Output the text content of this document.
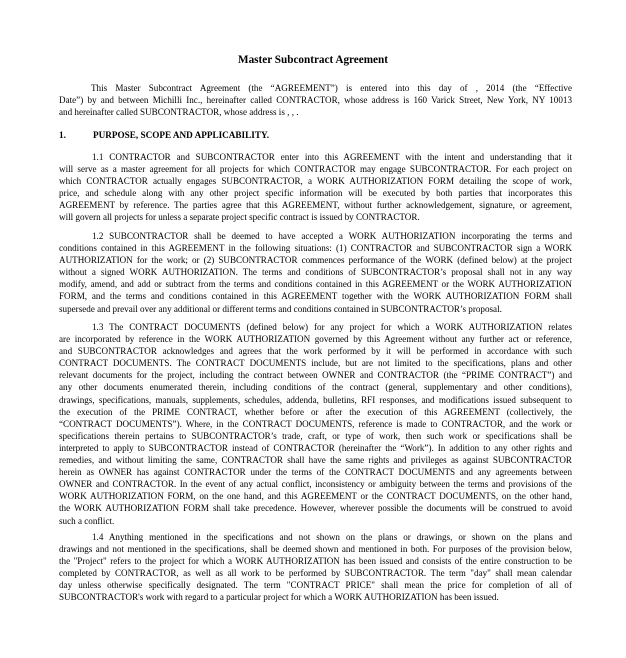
Master Subcontract Agreement
This Master Subcontract Agreement (the “AGREEMENT”) is entered into this day of , 2014 (the “Effective
Date”) by and between Michilli Inc., hereinafter called CONTRACTOR, whose address is 160 Varick Street, New York, NY 10013
and hereinafter called SUBCONTRACTOR, whose address is , , .
1.	PURPOSE, SCOPE AND APPLICABILITY.
1.1 CONTRACTOR and SUBCONTRACTOR enter into this AGREEMENT with the intent and understanding that it
will serve as a master agreement for all projects for which CONTRACTOR may engage SUBCONTRACTOR. For each project on
which CONTRACTOR actually engages SUBCONTRACTOR, a WORK AUTHORIZATION FORM detailing the scope of work,
price, and schedule along with any other project specific information will be executed by both parties that incorporates this
AGREEMENT by reference. The parties agree that this AGREEMENT, without further acknowledgement, signature, or agreement,
will govern all projects for unless a separate project specific contract is issued by CONTRACTOR.
1.2 SUBCONTRACTOR shall be deemed to have accepted a WORK AUTHORIZATION incorporating the terms and
conditions contained in this AGREEMENT in the following situations: (1) CONTRACTOR and SUBCONTRACTOR sign a WORK
AUTHORIZATION for the work; or (2) SUBCONTRACTOR commences performance of the WORK (defined below) at the project
without a signed WORK AUTHORIZATION. The terms and conditions of SUBCONTRACTOR’s proposal shall not in any way
modify, amend, and add or subtract from the terms and conditions contained in this AGREEMENT or the WORK AUTHORIZATION
FORM, and the terms and conditions contained in this AGREEMENT together with the WORK AUTHORIZATION FORM shall
supersede and prevail over any additional or different terms and conditions contained in SUBCONTRACTOR’s proposal.
1.3 The CONTRACT DOCUMENTS (defined below) for any project for which a WORK AUTHORIZATION relates
are incorporated by reference in the WORK AUTHORIZATION governed by this Agreement without any further act or reference,
and SUBCONTRACTOR acknowledges and agrees that the work performed by it will be performed in accordance with such
CONTRACT DOCUMENTS. The CONTRACT DOCUMENTS include, but are not limited to the specifications, plans and other
relevant documents for the project, including the contract between OWNER and CONTRACTOR (the “PRIME CONTRACT”) and
any other documents enumerated therein, including conditions of the contract (general, supplementary and other conditions),
drawings, specifications, manuals, supplements, schedules, addenda, bulletins, RFI responses, and modifications issued subsequent to
the execution of the PRIME CONTRACT, whether before or after the execution of this AGREEMENT (collectively, the
“CONTRACT DOCUMENTS”). Where, in the CONTRACT DOCUMENTS, reference is made to CONTRACTOR, and the work or
specifications therein pertains to SUBCONTRACTOR’s trade, craft, or type of work, then such work or specifications shall be
interpreted to apply to SUBCONTRACTOR instead of CONTRACTOR (hereinafter the “Work”). In addition to any other rights and
remedies, and without limiting the same, CONTRACTOR shall have the same rights and privileges as against SUBCONTRACTOR
herein as OWNER has against CONTRACTOR under the terms of the CONTRACT DOCUMENTS and any agreements between
OWNER and CONTRACTOR. In the event of any actual conflict, inconsistency or ambiguity between the terms and provisions of the
WORK AUTHORIZATION FORM, on the one hand, and this AGREEMENT or the CONTRACT DOCUMENTS, on the other hand,
the WORK AUTHORIZATION FORM shall take precedence. However, wherever possible the documents will be construed to avoid
such a conflict.
1.4 Anything mentioned in the specifications and not shown on the plans or drawings, or shown on the plans and
drawings and not mentioned in the specifications, shall be deemed shown and mentioned in both. For purposes of the provision below,
the "Project" refers to the project for which a WORK AUTHORIZATION has been issued and consists of the entire construction to be
completed by CONTRACTOR, as well as all work to be performed by SUBCONTRACTOR. The term "day" shall mean calendar
day unless otherwise specifically designated. The term "CONTRACT PRICE" shall mean the price for completion of all of
SUBCONTRACTOR's work with regard to a particular project for which a WORK AUTHORIZATION has been issued.
